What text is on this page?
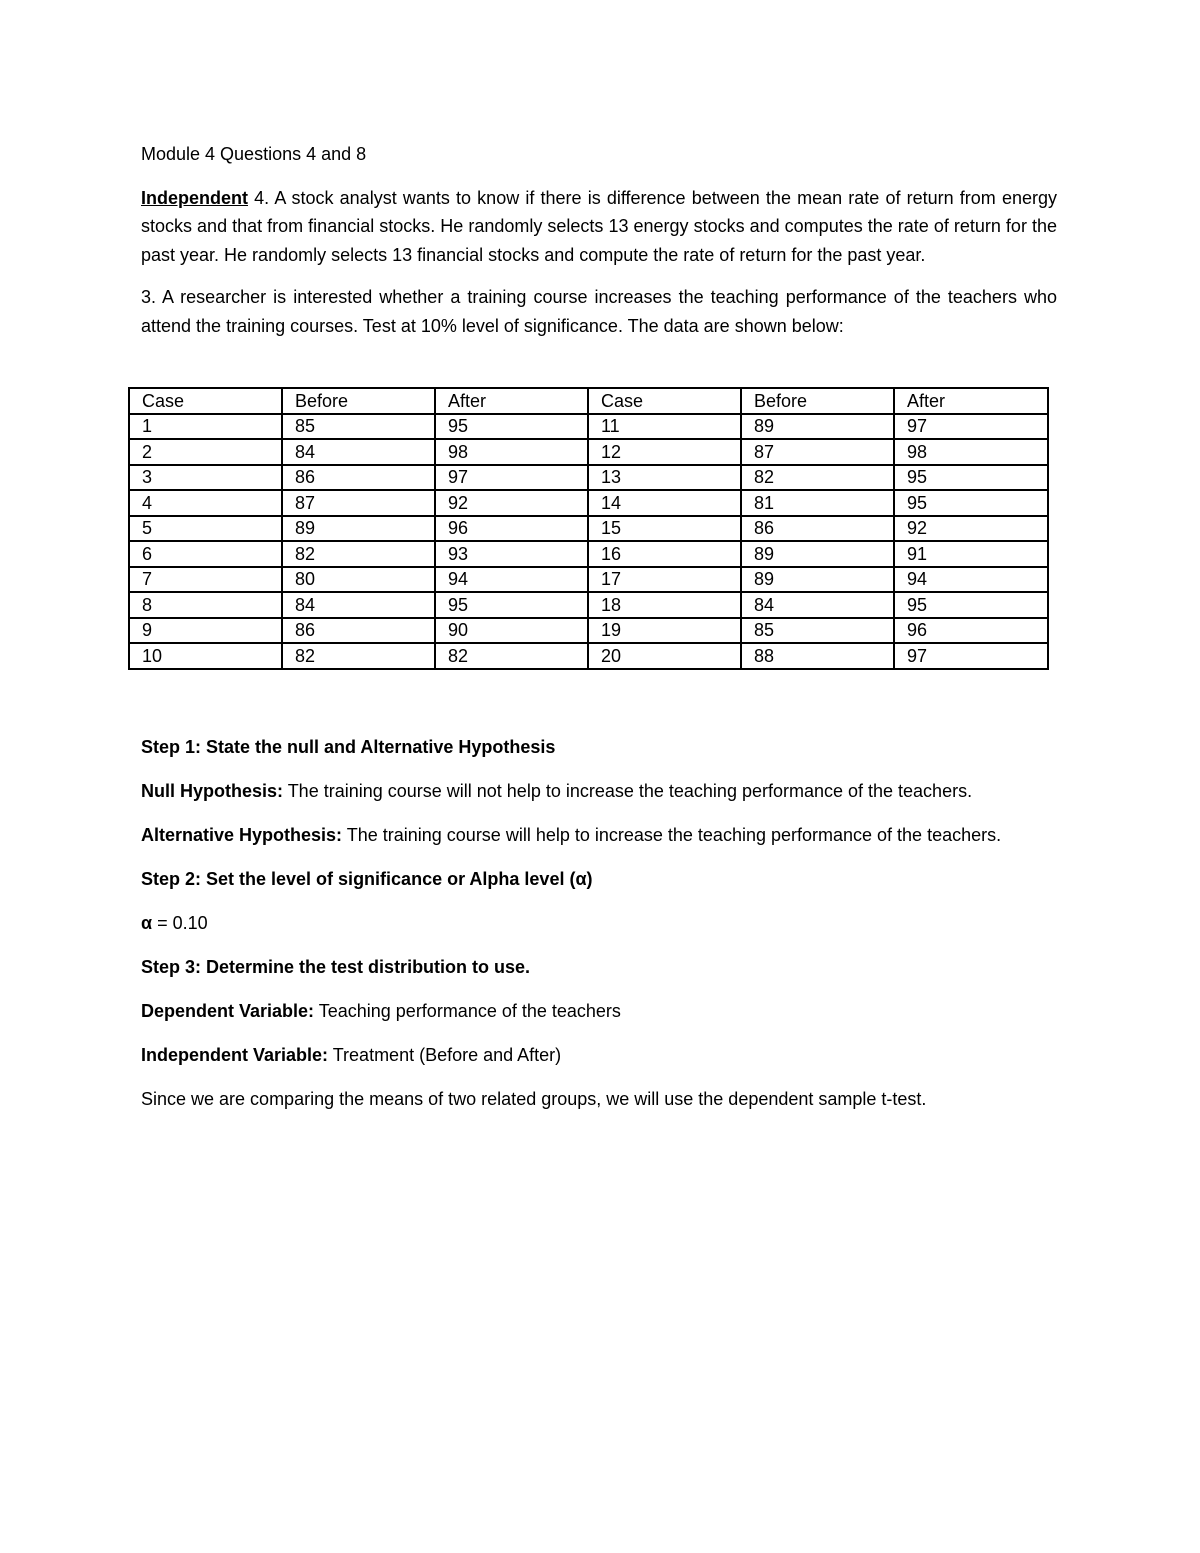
Module 4 Questions 4 and 8

Independent 4. A stock analyst wants to know if there is difference between the mean rate of return from energy stocks and that from financial stocks. He randomly selects 13 energy stocks and computes the rate of return for the past year. He randomly selects 13 financial stocks and compute the rate of return for the past year.

3. A researcher is interested whether a training course increases the teaching performance of the teachers who attend the training courses. Test at 10% level of significance. The data are shown below:

Case	Before	After	Case	Before	After
1	85	95	11	89	97
2	84	98	12	87	98
3	86	97	13	82	95
4	87	92	14	81	95
5	89	96	15	86	92
6	82	93	16	89	91
7	80	94	17	89	94
8	84	95	18	84	95
9	86	90	19	85	96
10	82	82	20	88	97

Step 1: State the null and Alternative Hypothesis

Null Hypothesis: The training course will not help to increase the teaching performance of the teachers.

Alternative Hypothesis: The training course will help to increase the teaching performance of the teachers.

Step 2: Set the level of significance or Alpha level (α)

α = 0.10

Step 3: Determine the test distribution to use.

Dependent Variable: Teaching performance of the teachers

Independent Variable: Treatment (Before and After)

Since we are comparing the means of two related groups, we will use the dependent sample t-test.
